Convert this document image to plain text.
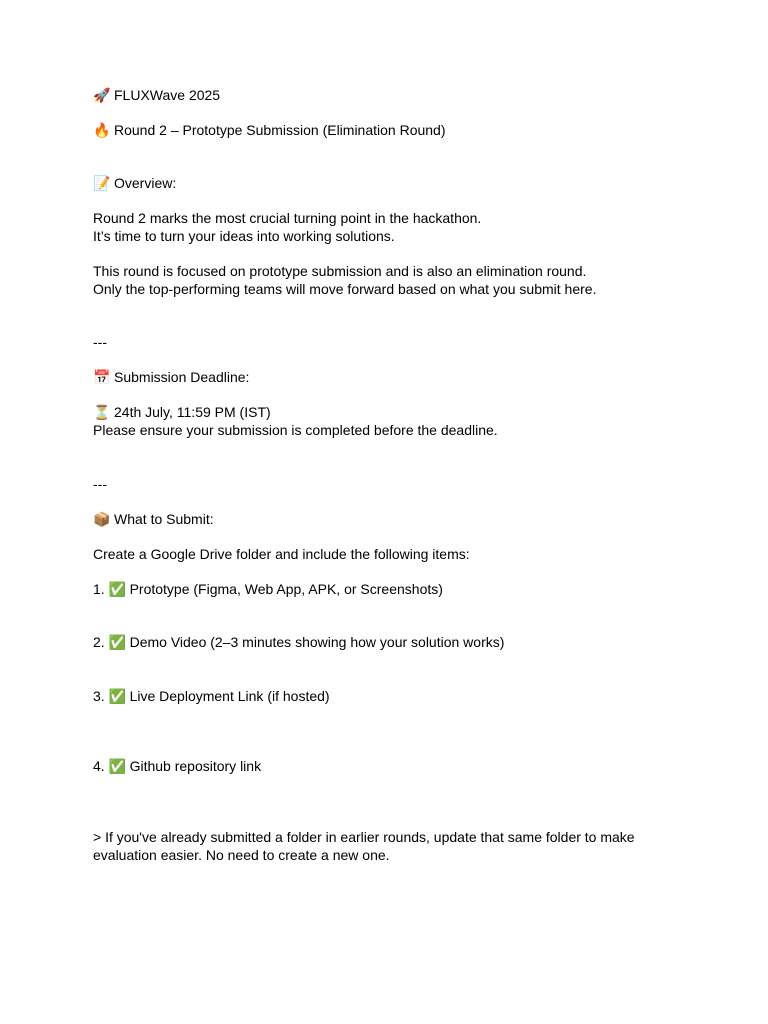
🚀 FLUXWave 2025
🔥 Round 2 – Prototype Submission (Elimination Round)
📝 Overview:
Round 2 marks the most crucial turning point in the hackathon.
It’s time to turn your ideas into working solutions.
This round is focused on prototype submission and is also an elimination round.
Only the top-performing teams will move forward based on what you submit here.
---
📅 Submission Deadline:
⏳ 24th July, 11:59 PM (IST)
Please ensure your submission is completed before the deadline.
---
📦 What to Submit:
Create a Google Drive folder and include the following items:
1. ✅ Prototype (Figma, Web App, APK, or Screenshots)
2. ✅ Demo Video (2–3 minutes showing how your solution works)
3. ✅ Live Deployment Link (if hosted)
4. ✅ Github repository link
> If you've already submitted a folder in earlier rounds, update that same folder to make evaluation easier. No need to create a new one.
